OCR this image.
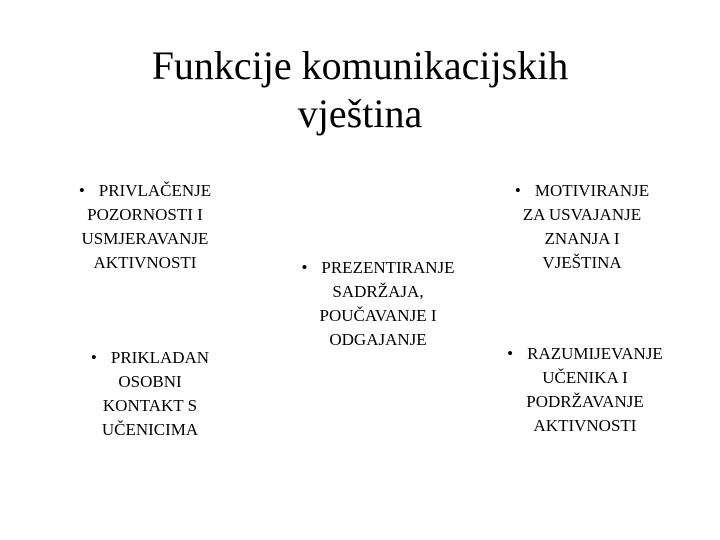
Funkcije komunikacijskih
vještina
• PRIVLAČENJE
POZORNOSTI I
USMJERAVANJE
AKTIVNOSTI
• PRIKLADAN
OSOBNI
KONTAKT S
UČENICIMA
• PREZENTIRANJE
SADRŽAJA,
POUČAVANJE I
ODGAJANJE
• MOTIVIRANJE
ZA USVAJANJE
ZNANJA I
VJEŠTINA
• RAZUMIJEVANJE
UČENIKA I
PODRŽAVANJE
AKTIVNOSTI
